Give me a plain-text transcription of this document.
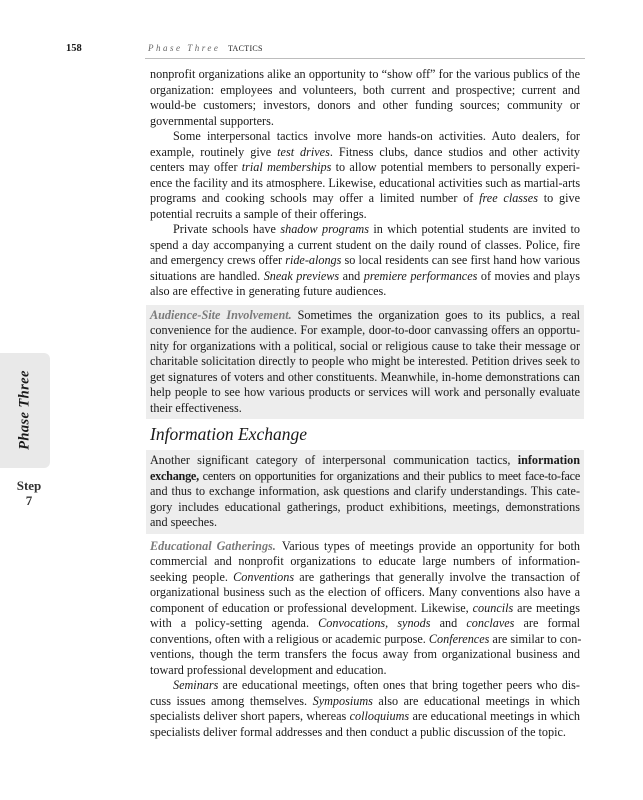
158	Phase Three TACTICS
Phase Three
Step
7
nonprofit organizations alike an opportunity to “show off” for the various publics of the
organization: employees and volunteers, both current and prospective; current and
would-be customers; investors, donors and other funding sources; community or
governmental supporters.
Some interpersonal tactics involve more hands-on activities. Auto dealers, for
example, routinely give test drives. Fitness clubs, dance studios and other activity
centers may offer trial memberships to allow potential members to personally experi-
ence the facility and its atmosphere. Likewise, educational activities such as martial-arts
programs and cooking schools may offer a limited number of free classes to give
potential recruits a sample of their offerings.
Private schools have shadow programs in which potential students are invited to
spend a day accompanying a current student on the daily round of classes. Police, fire
and emergency crews offer ride-alongs so local residents can see first hand how various
situations are handled. Sneak previews and premiere performances of movies and plays
also are effective in generating future audiences.
Audience-Site Involvement. Sometimes the organization goes to its publics, a real
convenience for the audience. For example, door-to-door canvassing offers an opportu-
nity for organizations with a political, social or religious cause to take their message or
charitable solicitation directly to people who might be interested. Petition drives seek to
get signatures of voters and other constituents. Meanwhile, in-home demonstrations can
help people to see how various products or services will work and personally evaluate
their effectiveness.
Information Exchange
Another significant category of interpersonal communication tactics, information
exchange, centers on opportunities for organizations and their publics to meet face-to-face
and thus to exchange information, ask questions and clarify understandings. This cate-
gory includes educational gatherings, product exhibitions, meetings, demonstrations
and speeches.
Educational Gatherings. Various types of meetings provide an opportunity for both
commercial and nonprofit organizations to educate large numbers of information-
seeking people. Conventions are gatherings that generally involve the transaction of
organizational business such as the election of officers. Many conventions also have a
component of education or professional development. Likewise, councils are meetings
with a policy-setting agenda. Convocations, synods and conclaves are formal
conventions, often with a religious or academic purpose. Conferences are similar to con-
ventions, though the term transfers the focus away from organizational business and
toward professional development and education.
Seminars are educational meetings, often ones that bring together peers who dis-
cuss issues among themselves. Symposiums also are educational meetings in which
specialists deliver short papers, whereas colloquiums are educational meetings in which
specialists deliver formal addresses and then conduct a public discussion of the topic.
